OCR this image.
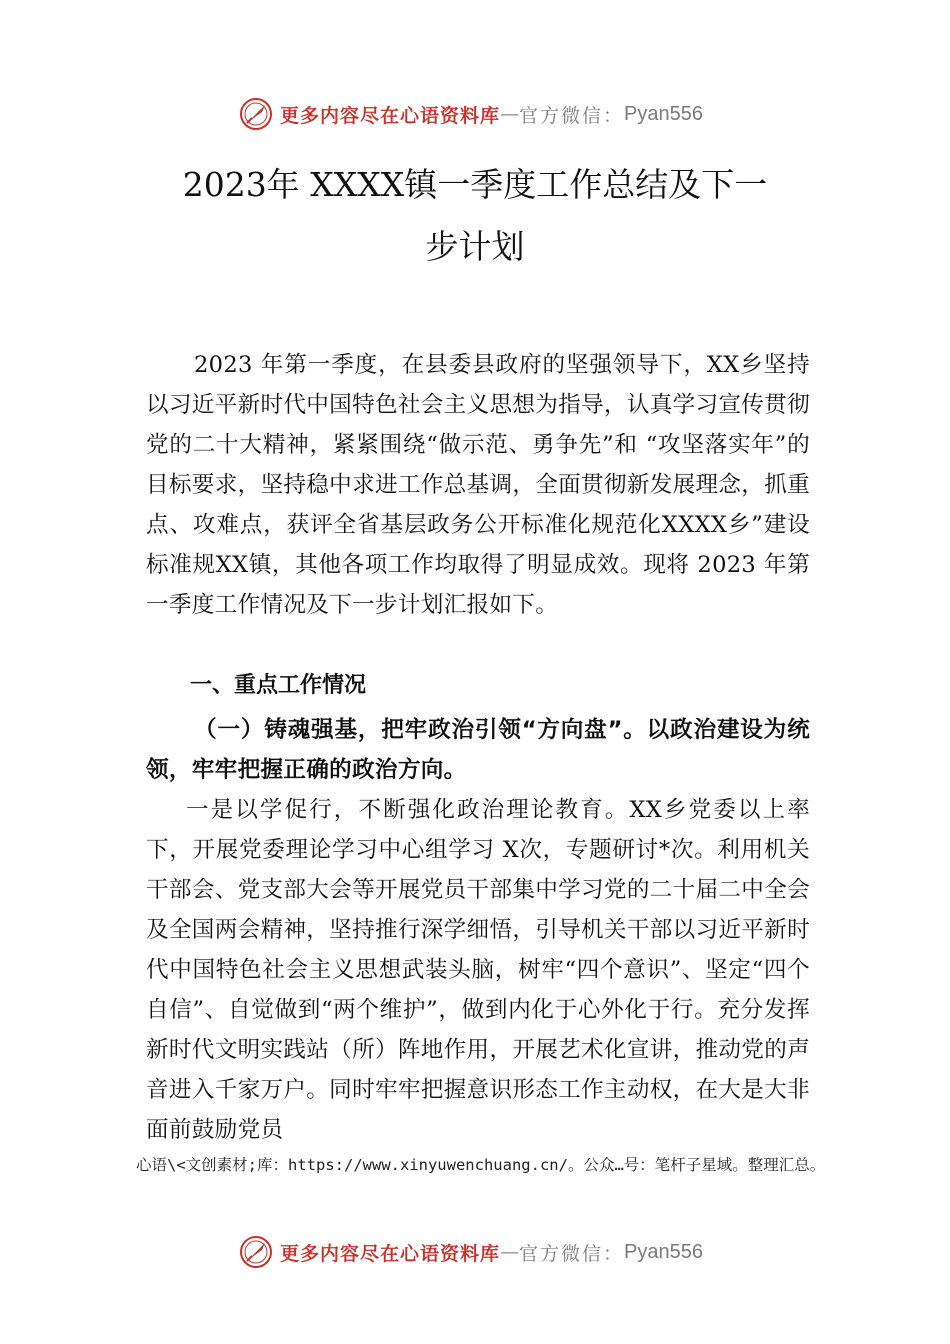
更多内容尽在心语资料库 — 官方微信： Pyan556
2023年 XXXX镇一季度工作总结及下一
步计划

2023 年第一季度，在县委县政府的坚强领导下，XX乡坚持以习近平新时代中国特色社会主义思想为指导，认真学习宣传贯彻党的二十大精神，紧紧围绕“做示范、勇争先”和 “攻坚落实年”的目标要求，坚持稳中求进工作总基调，全面贯彻新发展理念，抓重点、攻难点，获评全省基层政务公开标准化规范化XXXX乡”建设标准规XX镇，其他各项工作均取得了明显成效。现将 2023 年第一季度工作情况及下一步计划汇报如下。

一、重点工作情况

（一）铸魂强基，把牢政治引领“方向盘”。以政治建设为统领，牢牢把握正确的政治方向。

一是以学促行，不断强化政治理论教育。XX乡党委以上率下，开展党委理论学习中心组学习 X次，专题研讨*次。利用机关干部会、党支部大会等开展党员干部集中学习党的二十届二中全会及全国两会精神，坚持推行深学细悟，引导机关干部以习近平新时代中国特色社会主义思想武装头脑，树牢“四个意识”、坚定“四个自信”、自觉做到“两个维护”，做到内化于心外化于行。充分发挥新时代文明实践站（所）阵地作用，开展艺术化宣讲，推动党的声音进入千家万户。同时牢牢把握意识形态工作主动权，在大是大非面前鼓励党员

心语\<文创素材;库：https://www.xinyuwenchuang.cn/。公众…号：笔杆子星域。整理汇总。

更多内容尽在心语资料库 — 官方微信： Pyan556
